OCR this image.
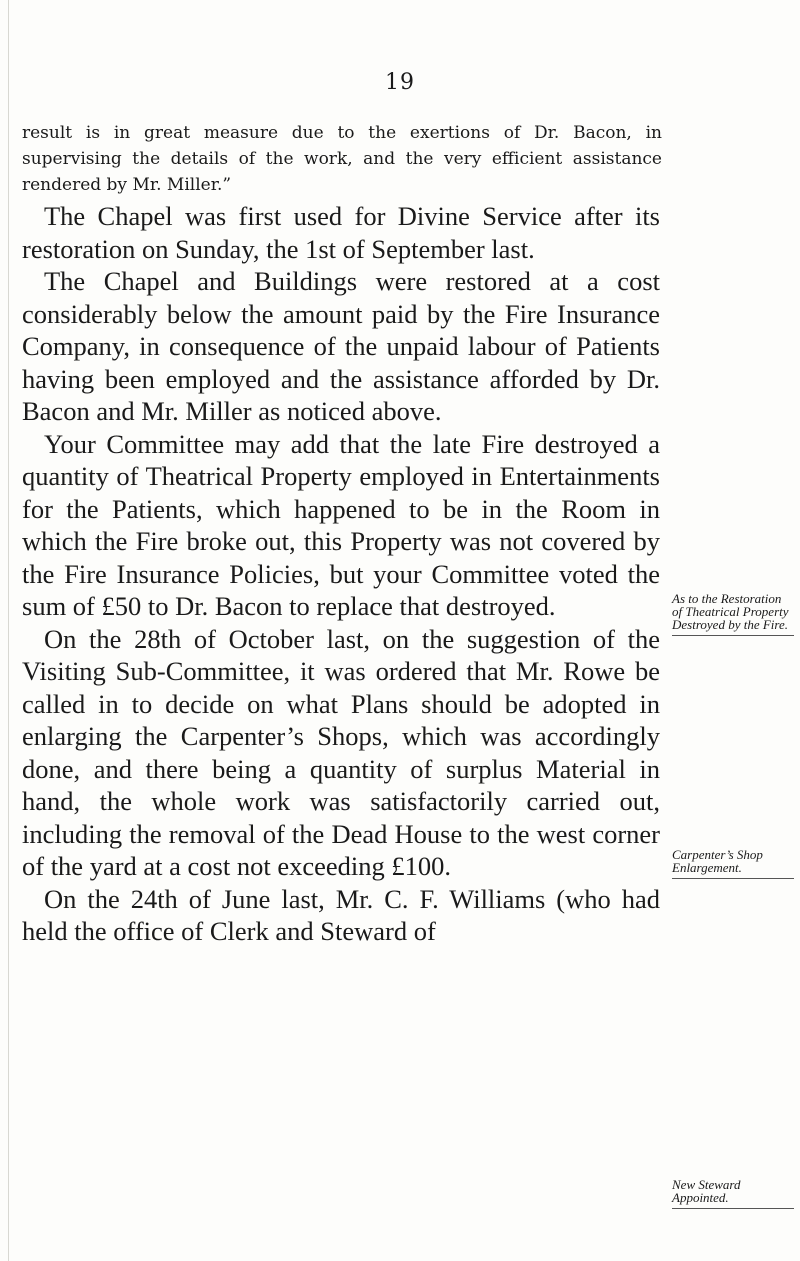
19
result is in great measure due to the exertions of Dr. Bacon, in supervising the details of the work, and the very efficient assistance rendered by Mr. Miller.”

The Chapel was first used for Divine Service after its restoration on Sunday, the 1st of September last.

The Chapel and Buildings were restored at a cost considerably below the amount paid by the Fire Insurance Company, in consequence of the unpaid labour of Patients having been employed and the assistance afforded by Dr. Bacon and Mr. Miller as noticed above.

Your Committee may add that the late Fire destroyed a quantity of Theatrical Property employed in Entertainments for the Patients, which happened to be in the Room in which the Fire broke out, this Property was not covered by the Fire Insurance Policies, but your Committee voted the sum of £50 to Dr. Bacon to replace that destroyed.

On the 28th of October last, on the suggestion of the Visiting Sub-Committee, it was ordered that Mr. Rowe be called in to decide on what Plans should be adopted in enlarging the Carpenter’s Shops, which was accordingly done, and there being a quantity of surplus Material in hand, the whole work was satisfactorily carried out, including the removal of the Dead House to the west corner of the yard at a cost not exceeding £100.

On the 24th of June last, Mr. C. F. Williams (who had held the office of Clerk and Steward of

As to the Restoration of Theatrical Property Destroyed by the Fire.
Carpenter’s Shop Enlargement.
New Steward Appointed.
